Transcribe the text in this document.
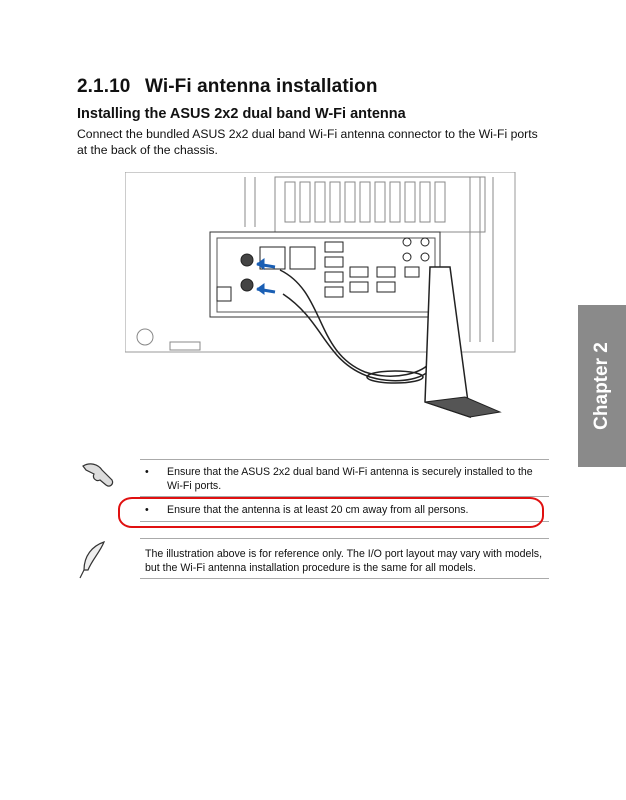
2.1.10 Wi-Fi antenna installation
Installing the ASUS 2x2 dual band W-Fi antenna
Connect the bundled ASUS 2x2 dual band Wi-Fi antenna connector to the Wi-Fi ports at the back of the chassis.
Chapter 2
• Ensure that the ASUS 2x2 dual band Wi-Fi antenna is securely installed to the Wi-Fi ports.
• Ensure that the antenna is at least 20 cm away from all persons.
The illustration above is for reference only. The I/O port layout may vary with models, but the Wi-Fi antenna installation procedure is the same for all models.
